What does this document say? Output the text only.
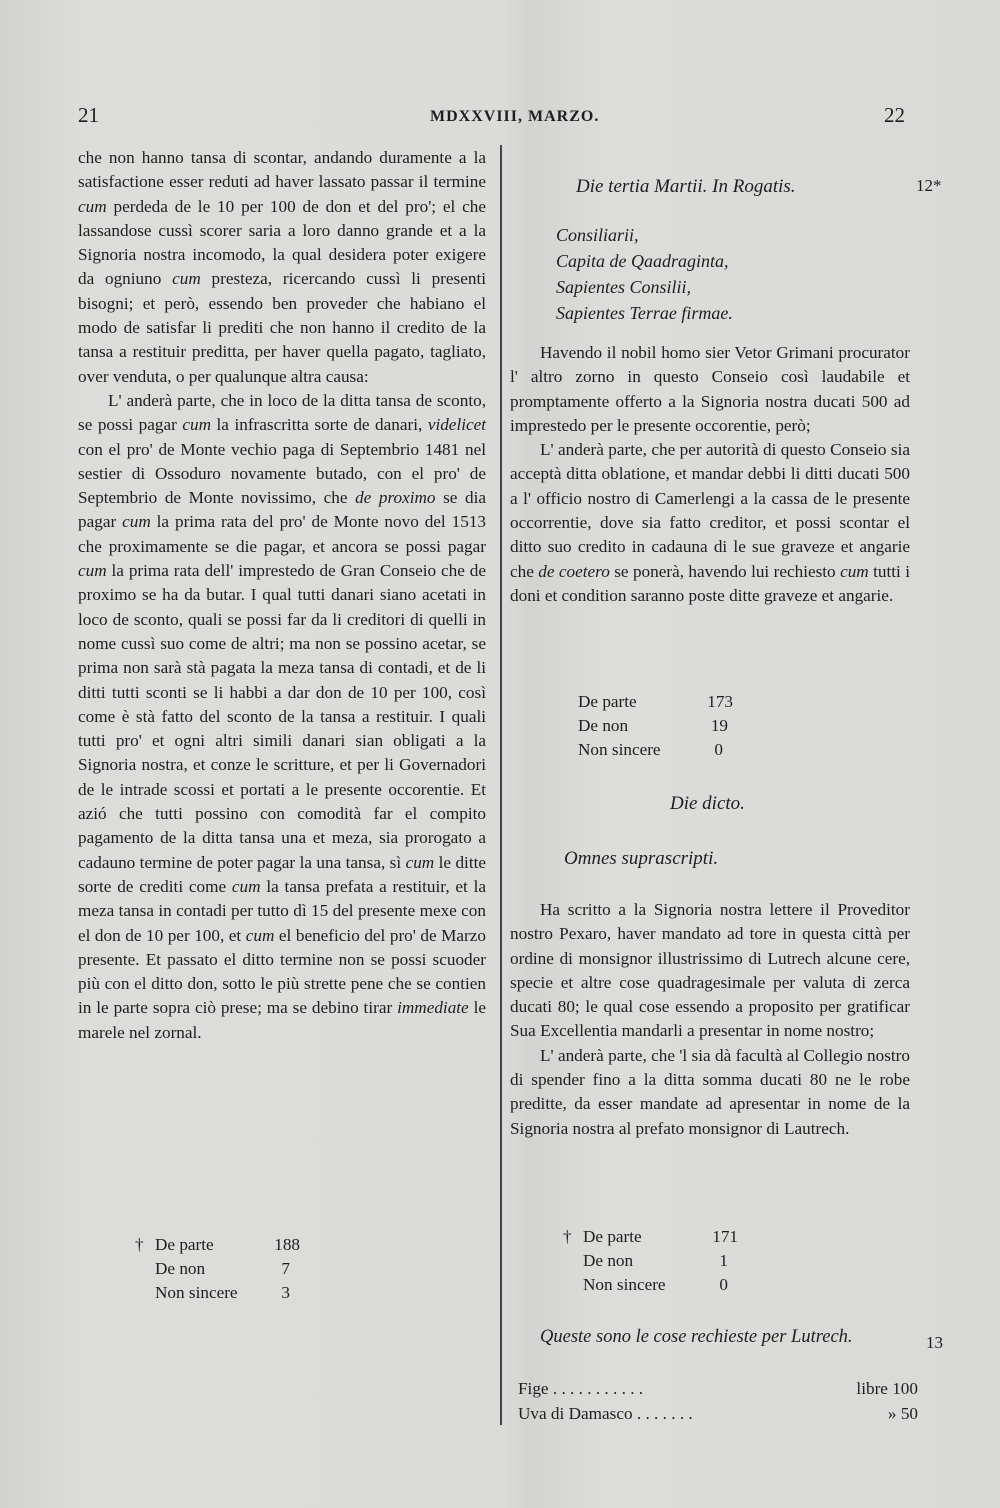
21	MDXXVIII, MARZO.	22

che non hanno tansa di scontar, andando duramente a la satisfactione esser reduti ad haver lassato passar il termine cum perdeda de le 10 per 100 de don et del pro'; el che lassandose cussì scorer saria a loro danno grande et a la Signoria nostra incomodo, la qual desidera poter exigere da ogniuno cum presteza, ricercando cussì li presenti bisogni; et però, essendo ben proveder che habiano el modo de satisfar li prediti che non hanno il credito de la tansa a restituir preditta, per haver quella pagato, tagliato, over venduta, o per qualunque altra causa:

L' anderà parte, che in loco de la ditta tansa de sconto, se possi pagar cum la infrascritta sorte de danari, videlicet con el pro' de Monte vechio paga di Septembrio 1481 nel sestier di Ossoduro novamente butado, con el pro' de Septembrio de Monte novissimo, che de proximo se dia pagar cum la prima rata del pro' de Monte novo del 1513 che proximamente se die pagar, et ancora se possi pagar cum la prima rata dell' imprestedo de Gran Conseio che de proximo se ha da butar. I qual tutti danari siano acetati in loco de sconto, quali se possi far da li creditori di quelli in nome cussì suo come de altri; ma non se possino acetar, se prima non sarà stà pagata la meza tansa di contadi, et de li ditti tutti sconti se li habbi a dar don de 10 per 100, così come è stà fatto del sconto de la tansa a restituir. I quali tutti pro' et ogni altri simili danari sian obligati a la Signoria nostra, et conze le scritture, et per li Governadori de le intrade scossi et portati a le presente occorentie. Et azió che tutti possino con comodità far el compito pagamento de la ditta tansa una et meza, sia prorogato a cadauno termine de poter pagar la una tansa, sì cum le ditte sorte de crediti come cum la tansa prefata a restituir, et la meza tansa in contadi per tutto dì 15 del presente mexe con el don de 10 per 100, et cum el beneficio del pro' de Marzo presente. Et passato el ditto termine non se possi scuoder più con el ditto don, sotto le più strette pene che se contien in le parte sopra ciò prese; ma se debino tirar immediate le marele nel zornal.

† De parte	188
De non	7
Non sincere	3
Die tertia Martii. In Rogatis.	12*
Consiliarii,
Capita de Qaadraginta,
Sapientes Consilii,
Sapientes Terrae firmae.

Havendo il nobil homo sier Vetor Grimani procurator l' altro zorno in questo Conseio così laudabile et promptamente offerto a la Signoria nostra ducati 500 ad imprestedo per le presente occorentie, però;

L' anderà parte, che per autorità di questo Conseio sia acceptà ditta oblatione, et mandar debbi li ditti ducati 500 a l' officio nostro di Camerlengi a la cassa de le presente occorrentie, dove sia fatto creditor, et possi scontar el ditto suo credito in cadauna di le sue graveze et angarie che de coetero se ponerà, havendo lui rechiesto cum tutti i doni et condition saranno poste ditte graveze et angarie.

De parte	173
De non	19
Non sincere	0
Die dicto.
Omnes suprascripti.

Ha scritto a la Signoria nostra lettere il Proveditor nostro Pexaro, haver mandato ad tore in questa città per ordine di monsignor illustrissimo di Lutrech alcune cere, specie et altre cose quadragesimale per valuta di zerca ducati 80; le qual cose essendo a proposito per gratificar Sua Excellentia mandarli a presentar in nome nostro;

L' anderà parte, che 'l sia dà facultà al Collegio nostro di spender fino a la ditta somma ducati 80 ne le robe preditte, da esser mandate ad apresentar in nome de la Signoria nostra al prefato monsignor di Lautrech.

† De parte	171
De non	1
Non sincere	0
Queste sono le cose rechieste per Lutrech.	13
Fige . . . . . . . . . . .	libre 100
Uva di Damasco . . . . . . .	» 50
